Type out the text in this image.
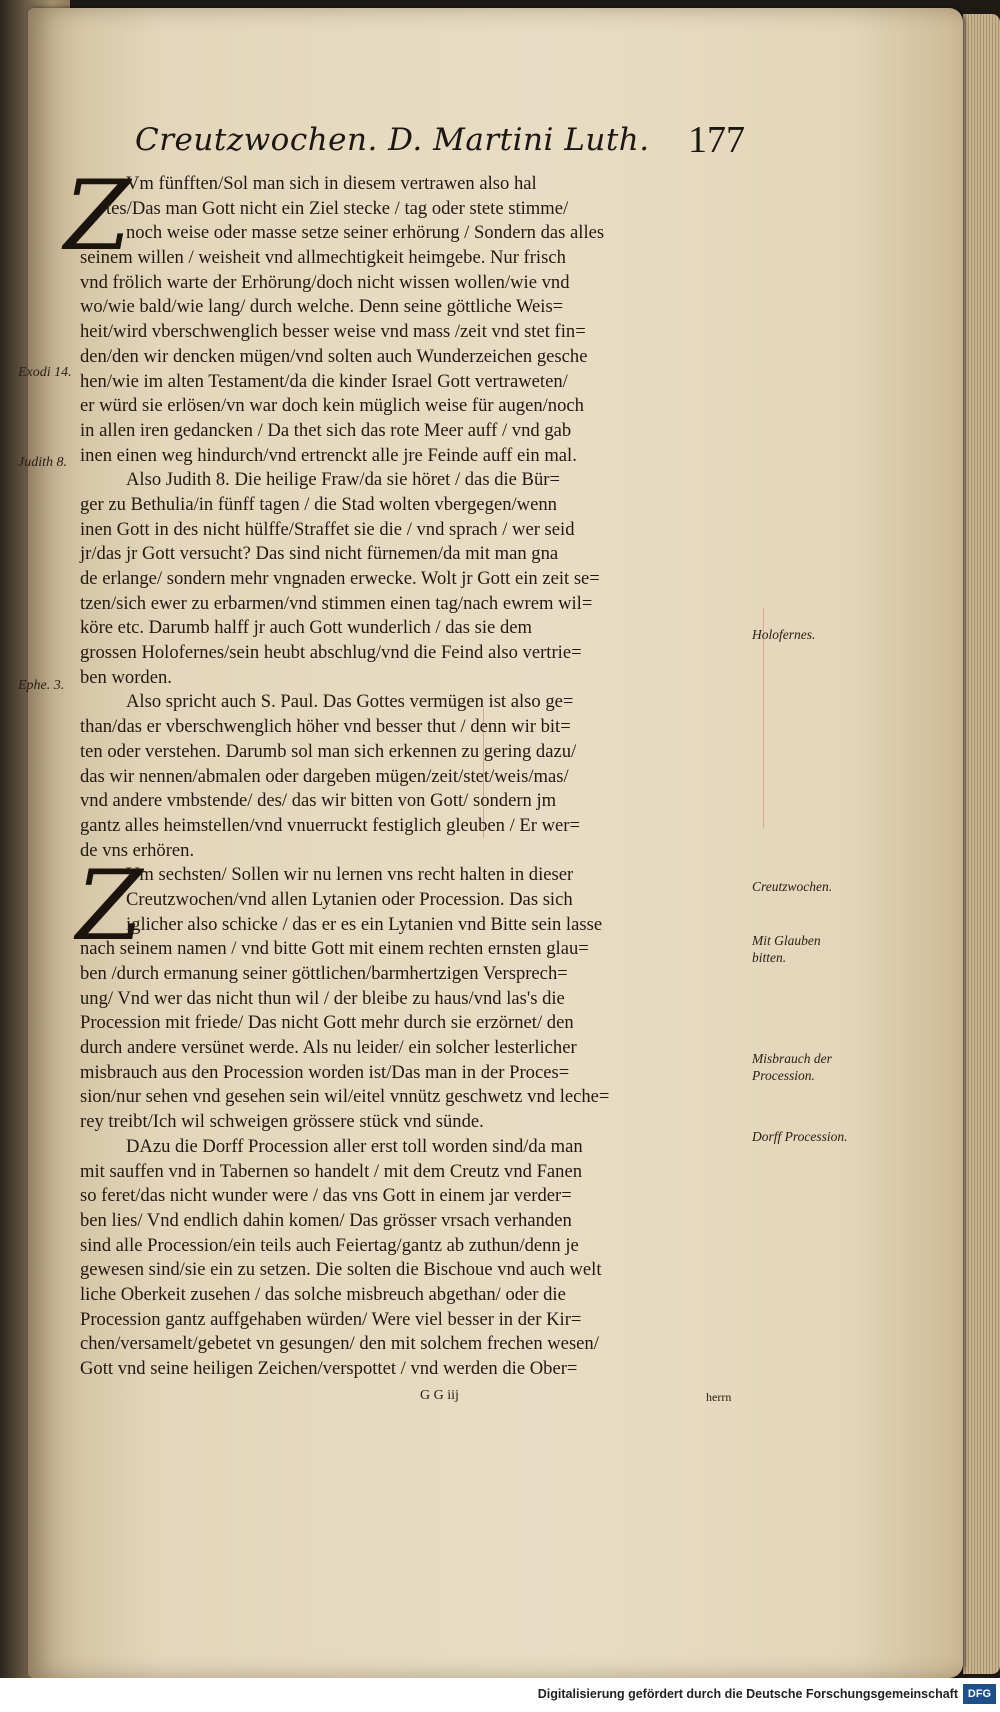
Creutzwochen. D. Martini Luth. 177
Z
Z
Vm fünfften/Sol man sich in diesem vertrawen also hal
tes/Das man Gott nicht ein Ziel stecke / tag oder stete stimme/
noch weise oder masse setze seiner erhörung / Sondern das alles
seinem willen / weisheit vnd allmechtigkeit heimgebe. Nur frisch
vnd frölich warte der Erhörung/doch nicht wissen wollen/wie vnd
wo/wie bald/wie lang/ durch welche. Denn seine göttliche Weis=
heit/wird vberschwenglich besser weise vnd mass /zeit vnd stet fin=
den/den wir dencken mügen/vnd solten auch Wunderzeichen gesche
hen/wie im alten Testament/da die kinder Israel Gott vertraweten/
er würd sie erlösen/vn war doch kein müglich weise für augen/noch
in allen iren gedancken / Da thet sich das rote Meer auff / vnd gab
inen einen weg hindurch/vnd ertrenckt alle jre Feinde auff ein mal.
Also Judith 8. Die heilige Fraw/da sie höret / das die Bür=
ger zu Bethulia/in fünff tagen / die Stad wolten vbergegen/wenn
inen Gott in des nicht hülffe/Straffet sie die / vnd sprach / wer seid
jr/das jr Gott versucht? Das sind nicht fürnemen/da mit man gna
de erlange/ sondern mehr vngnaden erwecke. Wolt jr Gott ein zeit se=
tzen/sich ewer zu erbarmen/vnd stimmen einen tag/nach ewrem wil=
köre etc. Darumb halff jr auch Gott wunderlich / das sie dem
grossen Holofernes/sein heubt abschlug/vnd die Feind also vertrie=
ben worden.
Also spricht auch S. Paul. Das Gottes vermügen ist also ge=
than/das er vberschwenglich höher vnd besser thut / denn wir bit=
ten oder verstehen. Darumb sol man sich erkennen zu gering dazu/
das wir nennen/abmalen oder dargeben mügen/zeit/stet/weis/mas/
vnd andere vmbstende/ des/ das wir bitten von Gott/ sondern jm
gantz alles heimstellen/vnd vnuerruckt festiglich gleuben / Er wer=
de vns erhören.
Vm sechsten/ Sollen wir nu lernen vns recht halten in dieser
Creutzwochen/vnd allen Lytanien oder Procession. Das sich
iglicher also schicke / das er es ein Lytanien vnd Bitte sein lasse
nach seinem namen / vnd bitte Gott mit einem rechten ernsten glau=
ben /durch ermanung seiner göttlichen/barmhertzigen Versprech=
ung/ Vnd wer das nicht thun wil / der bleibe zu haus/vnd las's die
Procession mit friede/ Das nicht Gott mehr durch sie erzörnet/ den
durch andere versünet werde. Als nu leider/ ein solcher lesterlicher
misbrauch aus den Procession worden ist/Das man in der Proces=
sion/nur sehen vnd gesehen sein wil/eitel vnnütz geschwetz vnd leche=
rey treibt/Ich wil schweigen grössere stück vnd sünde.
DAzu die Dorff Procession aller erst toll worden sind/da man
mit sauffen vnd in Tabernen so handelt / mit dem Creutz vnd Fanen
so feret/das nicht wunder were / das vns Gott in einem jar verder=
ben lies/ Vnd endlich dahin komen/ Das grösser vrsach verhanden
sind alle Procession/ein teils auch Feiertag/gantz ab zuthun/denn je
gewesen sind/sie ein zu setzen. Die solten die Bischoue vnd auch welt
liche Oberkeit zusehen / das solche misbreuch abgethan/ oder die
Procession gantz auffgehaben würden/ Were viel besser in der Kir=
chen/versamelt/gebetet vn gesungen/ den mit solchem frechen wesen/
Gott vnd seine heiligen Zeichen/verspottet / vnd werden die Ober=
Exodi 14.
Judith 8.
Ephe. 3.
Holofernes.
Creutzwochen.
Mit Glauben bitten.
Misbrauch der Procession.
Dorff Procession.
G G iij	herrn
Digitalisierung gefördert durch die Deutsche Forschungsgemeinschaft DFG
